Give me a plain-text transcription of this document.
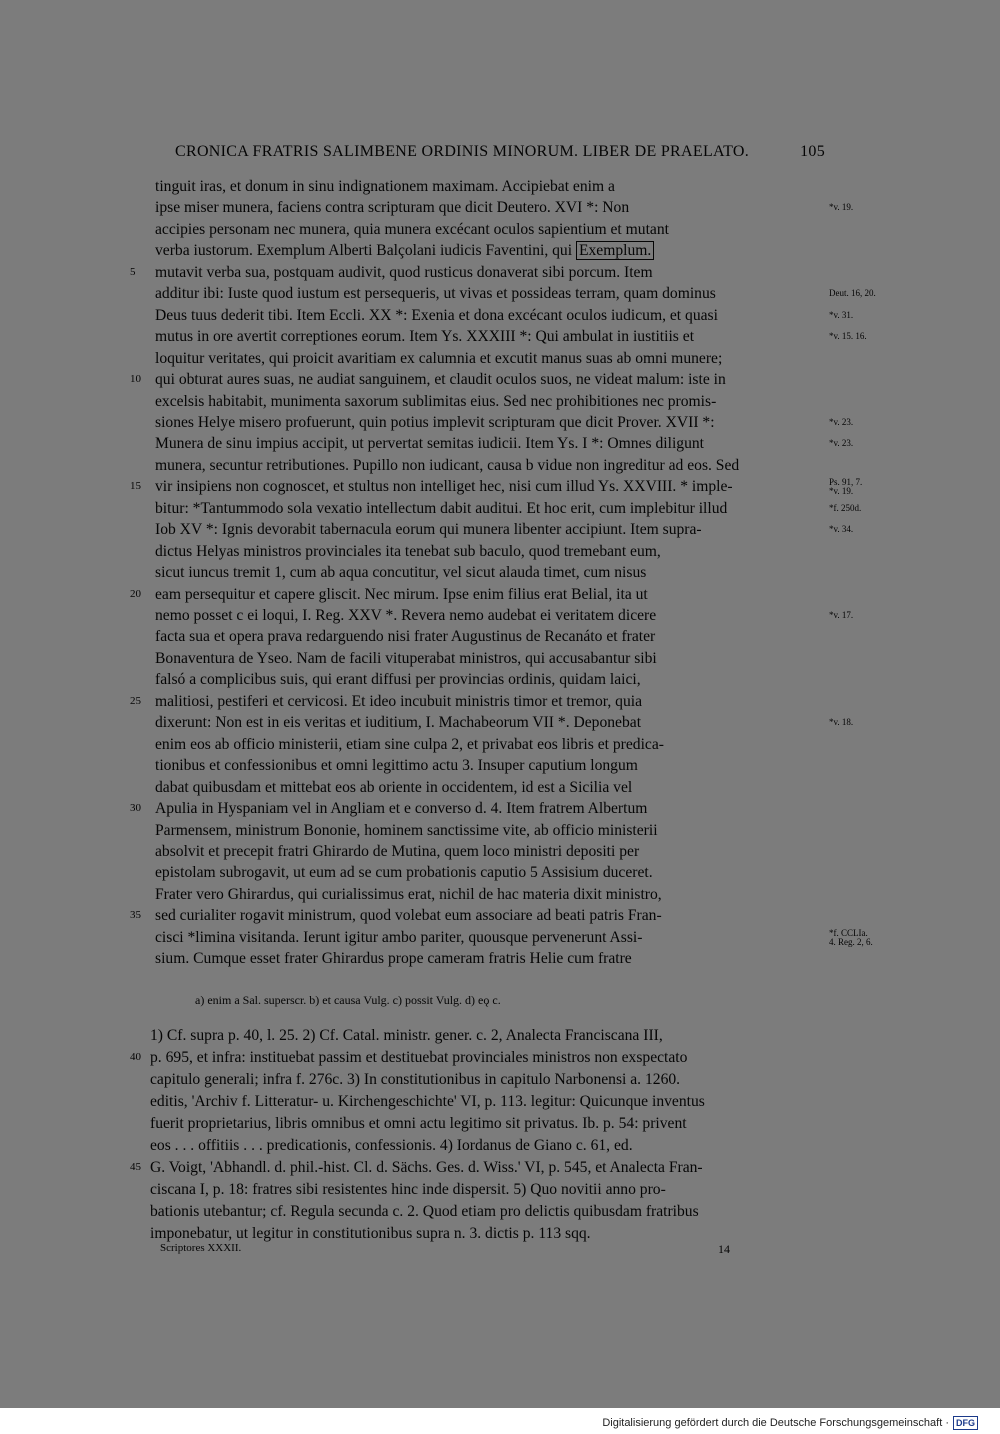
CRONICA FRATRIS SALIMBENE ORDINIS MINORUM. LIBER DE PRAELATO.	105
tinguit iras, et donum in sinu indignationem maximam. Accipiebat enim a
ipse miser munera, faciens contra scripturam que dicit Deutero. XVI *: Non	*v. 19.
accipies personam nec munera, quia munera excécant oculos sapientium et mutant
verba iustorum. Exemplum Alberti Balçolani iudicis Faventini, qui Exemplum.
5	mutavit verba sua, postquam audivit, quod rusticus donaverat sibi porcum. Item
additur ibi: Iuste quod iustum est persequeris, ut vivas et possideas terram, quam dominus	Deut. 16, 20.
Deus tuus dederit tibi. Item Eccli. XX *: Exenia et dona excécant oculos iudicum, et quasi	*v. 31.
mutus in ore avertit correptiones eorum. Item Ys. XXXIII *: Qui ambulat in iustitiis et	*v. 15. 16.
loquitur veritates, qui proicit avaritiam ex calumnia et excutit manus suas ab omni munere;
10 qui obturat aures suas, ne audiat sanguinem, et claudit oculos suos, ne videat malum: iste in
excelsis habitabit, munimenta saxorum sublimitas eius. Sed nec prohibitiones nec promis-
siones Helye misero profuerunt, quin potius implevit scripturam que dicit Prover. XVII *:	*v. 23.
Munera de sinu impius accipit, ut pervertat semitas iudicii. Item Ys. I *: Omnes diligunt	*v. 23.
munera, secuntur retributiones. Pupillo non iudicant, causa b vidue non ingreditur ad eos. Sed
15 vir insipiens non cognoscet, et stultus non intelliget hec, nisi cum illud Ys. XXVIII. * imple-	Ps. 91, 7.
*v. 19.
bitur: *Tantummodo sola vexatio intellectum dabit auditui. Et hoc erit, cum implebitur illud	*f. 250d.
Iob XV *: Ignis devorabit tabernacula eorum qui munera libenter accipiunt. Item supra-	*v. 34.
dictus Helyas ministros provinciales ita tenebat sub baculo, quod tremebant eum,
sicut iuncus tremit 1, cum ab aqua concutitur, vel sicut alauda timet, cum nisus
20 eam persequitur et capere gliscit. Nec mirum. Ipse enim filius erat Belial, ita ut
nemo posset c ei loqui, I. Reg. XXV *. Revera nemo audebat ei veritatem dicere	*v. 17.
facta sua et opera prava redarguendo nisi frater Augustinus de Recanáto et frater
Bonaventura de Yseo. Nam de facili vituperabat ministros, qui accusabantur sibi
falsó a complicibus suis, qui erant diffusi per provincias ordinis, quidam laici,
25 malitiosi, pestiferi et cervicosi. Et ideo incubuit ministris timor et tremor, quia
dixerunt: Non est in eis veritas et iuditium, I. Machabeorum VII *. Deponebat	*v. 18.
enim eos ab officio ministerii, etiam sine culpa 2, et privabat eos libris et predica-
tionibus et confessionibus et omni legittimo actu 3. Insuper caputium longum
dabat quibusdam et mittebat eos ab oriente in occidentem, id est a Sicilia vel
30 Apulia in Hyspaniam vel in Angliam et e converso d. 4. Item fratrem Albertum
Parmensem, ministrum Bononie, hominem sanctissime vite, ab officio ministerii
absolvit et precepit fratri Ghirardo de Mutina, quem loco ministri depositi per
epistolam subrogavit, ut eum ad se cum probationis caputio 5 Assisium duceret.
Frater vero Ghirardus, qui curialissimus erat, nichil de hac materia dixit ministro,
35 sed curialiter rogavit ministrum, quod volebat eum associare ad beati patris Fran-
cisci *limina visitanda. Ierunt igitur ambo pariter, quousque pervenerunt Assi-	*f. CCLIa.
4. Reg. 2, 6.
sium. Cumque esset frater Ghirardus prope cameram fratris Helie cum fratre
a) enim a Sal. superscr. b) et causa Vulg. c) possit Vulg. d) eǫ c.
1) Cf. supra p. 40, l. 25. 2) Cf. Catal. ministr. gener. c. 2, Analecta Franciscana III,
40 p. 695, et infra: instituebat passim et destituebat provinciales ministros non exspectato
capitulo generali; infra f. 276c. 3) In constitutionibus in capitulo Narbonensi a. 1260.
editis, 'Archiv f. Litteratur- u. Kirchengeschichte' VI, p. 113. legitur: Quicunque inventus
fuerit proprietarius, libris omnibus et omni actu legitimo sit privatus. Ib. p. 54: privent
eos . . . offitiis . . . predicationis, confessionis. 4) Iordanus de Giano c. 61, ed.
45 G. Voigt, 'Abhandl. d. phil.-hist. Cl. d. Sächs. Ges. d. Wiss.' VI, p. 545, et Analecta Fran-
ciscana I, p. 18: fratres sibi resistentes hinc inde dispersit. 5) Quo novitii anno pro-
bationis utebantur; cf. Regula secunda c. 2. Quod etiam pro delictis quibusdam fratribus
imponebatur, ut legitur in constitutionibus supra n. 3. dictis p. 113 sqq.
Scriptores XXXII.	14
Digitalisierung gefördert durch die Deutsche Forschungsgemeinschaft · DFG
